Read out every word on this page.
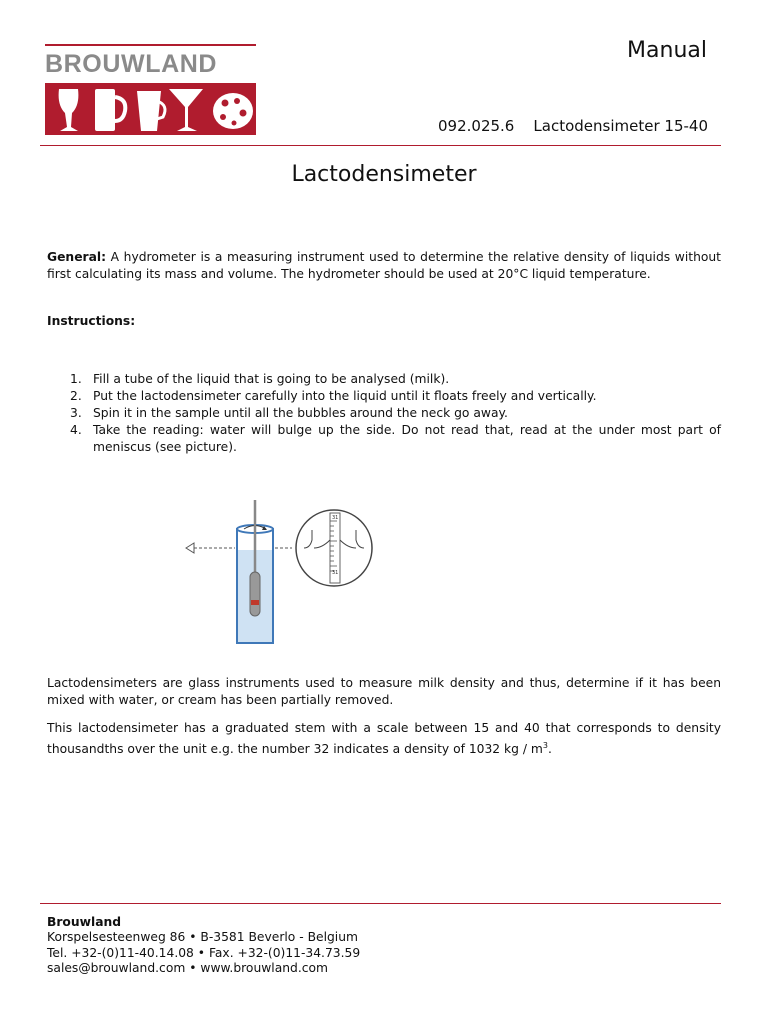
BROUWLAND	Manual
092.025.6 Lactodensimeter 15-40
Lactodensimeter
General: A hydrometer is a measuring instrument used to determine the relative density of liquids without first calculating its mass and volume. The hydrometer should be used at 20°C liquid temperature.
Instructions:
1. Fill a tube of the liquid that is going to be analysed (milk).
2. Put the lactodensimeter carefully into the liquid until it floats freely and vertically.
3. Spin it in the sample until all the bubbles around the neck go away.
4. Take the reading: water will bulge up the side. Do not read that, read at the under most part of meniscus (see picture).
31
31
Lactodensimeters are glass instruments used to measure milk density and thus, determine if it has been mixed with water, or cream has been partially removed.
This lactodensimeter has a graduated stem with a scale between 15 and 40 that corresponds to density thousandths over the unit e.g. the number 32 indicates a density of 1032 kg / $m^3$.
Brouwland
Korspelsesteenweg 86 • B-3581 Beverlo - Belgium
Tel. +32-(0)11-40.14.08 • Fax. +32-(0)11-34.73.59
sales@brouwland.com • www.brouwland.com
